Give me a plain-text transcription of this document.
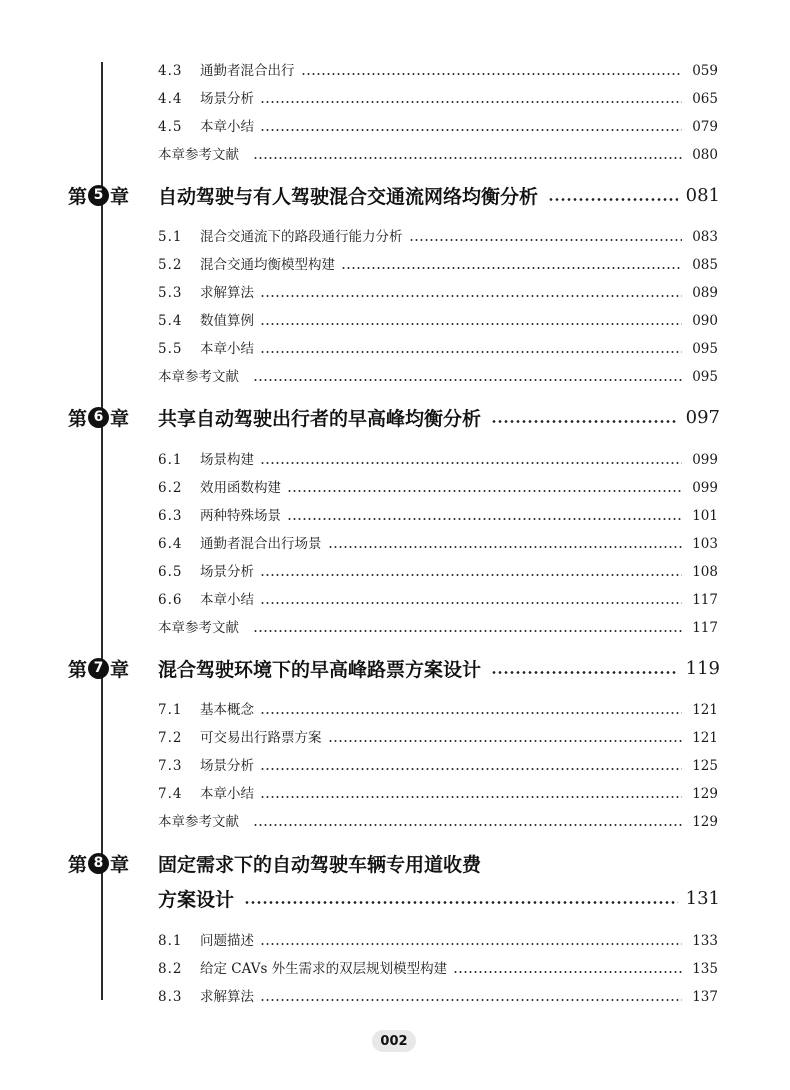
4.3	通勤者混合出行	059
4.4	场景分析	065
4.5	本章小结	079
本章参考文献	080
第 5 章 自动驾驶与有人驾驶混合交通流网络均衡分析	081
5.1	混合交通流下的路段通行能力分析	083
5.2	混合交通均衡模型构建	085
5.3	求解算法	089
5.4	数值算例	090
5.5	本章小结	095
本章参考文献	095
第 6 章 共享自动驾驶出行者的早高峰均衡分析	097
6.1	场景构建	099
6.2	效用函数构建	099
6.3	两种特殊场景	101
6.4	通勤者混合出行场景	103
6.5	场景分析	108
6.6	本章小结	117
本章参考文献	117
第 7 章 混合驾驶环境下的早高峰路票方案设计	119
7.1	基本概念	121
7.2	可交易出行路票方案	121
7.3	场景分析	125
7.4	本章小结	129
本章参考文献	129
第 8 章 固定需求下的自动驾驶车辆专用道收费
方案设计	131
8.1	问题描述	133
8.2	给定 CAVs 外生需求的双层规划模型构建	135
8.3	求解算法	137
002
